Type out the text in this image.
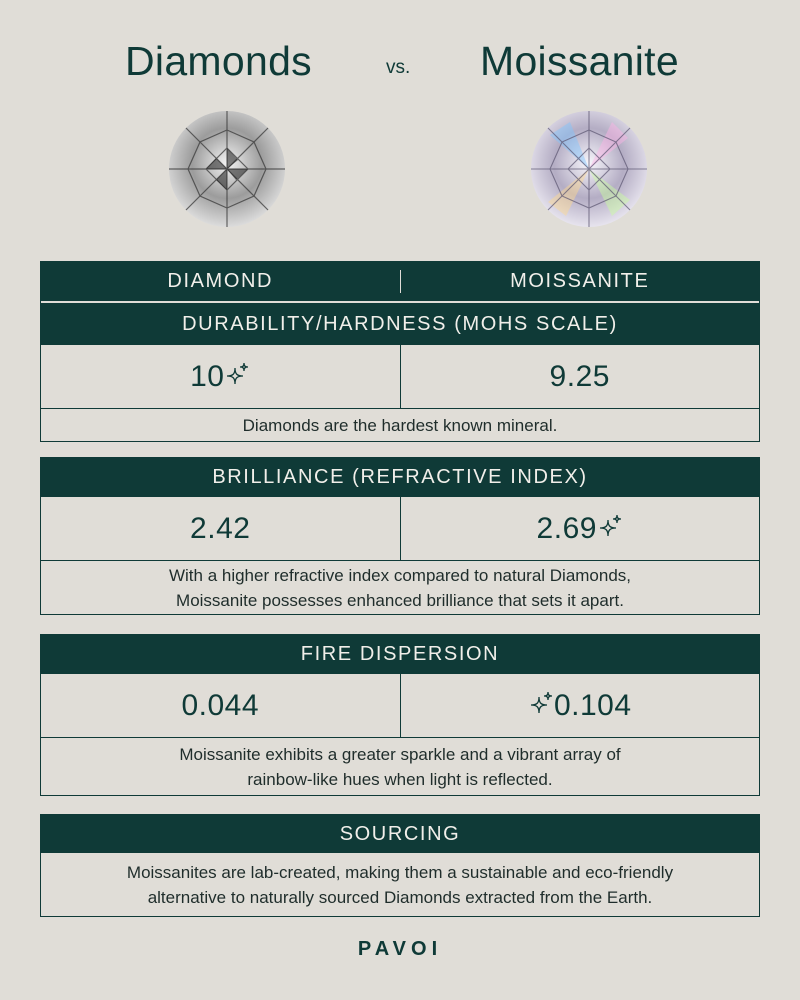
Diamonds	vs. Moissanite
DIAMOND	MOISSANITE
DURABILITY/HARDNESS (MOHS SCALE)
10	9.25
Diamonds are the hardest known mineral.
BRILLIANCE (REFRACTIVE INDEX)
2.42	2.69
With a higher refractive index compared to natural Diamonds,
Moissanite possesses enhanced brilliance that sets it apart.
FIRE DISPERSION
0.044	0.104
Moissanite exhibits a greater sparkle and a vibrant array of
rainbow-like hues when light is reflected.
SOURCING
Moissanites are lab-created, making them a sustainable and eco-friendly
alternative to naturally sourced Diamonds extracted from the Earth.
PAVOI
